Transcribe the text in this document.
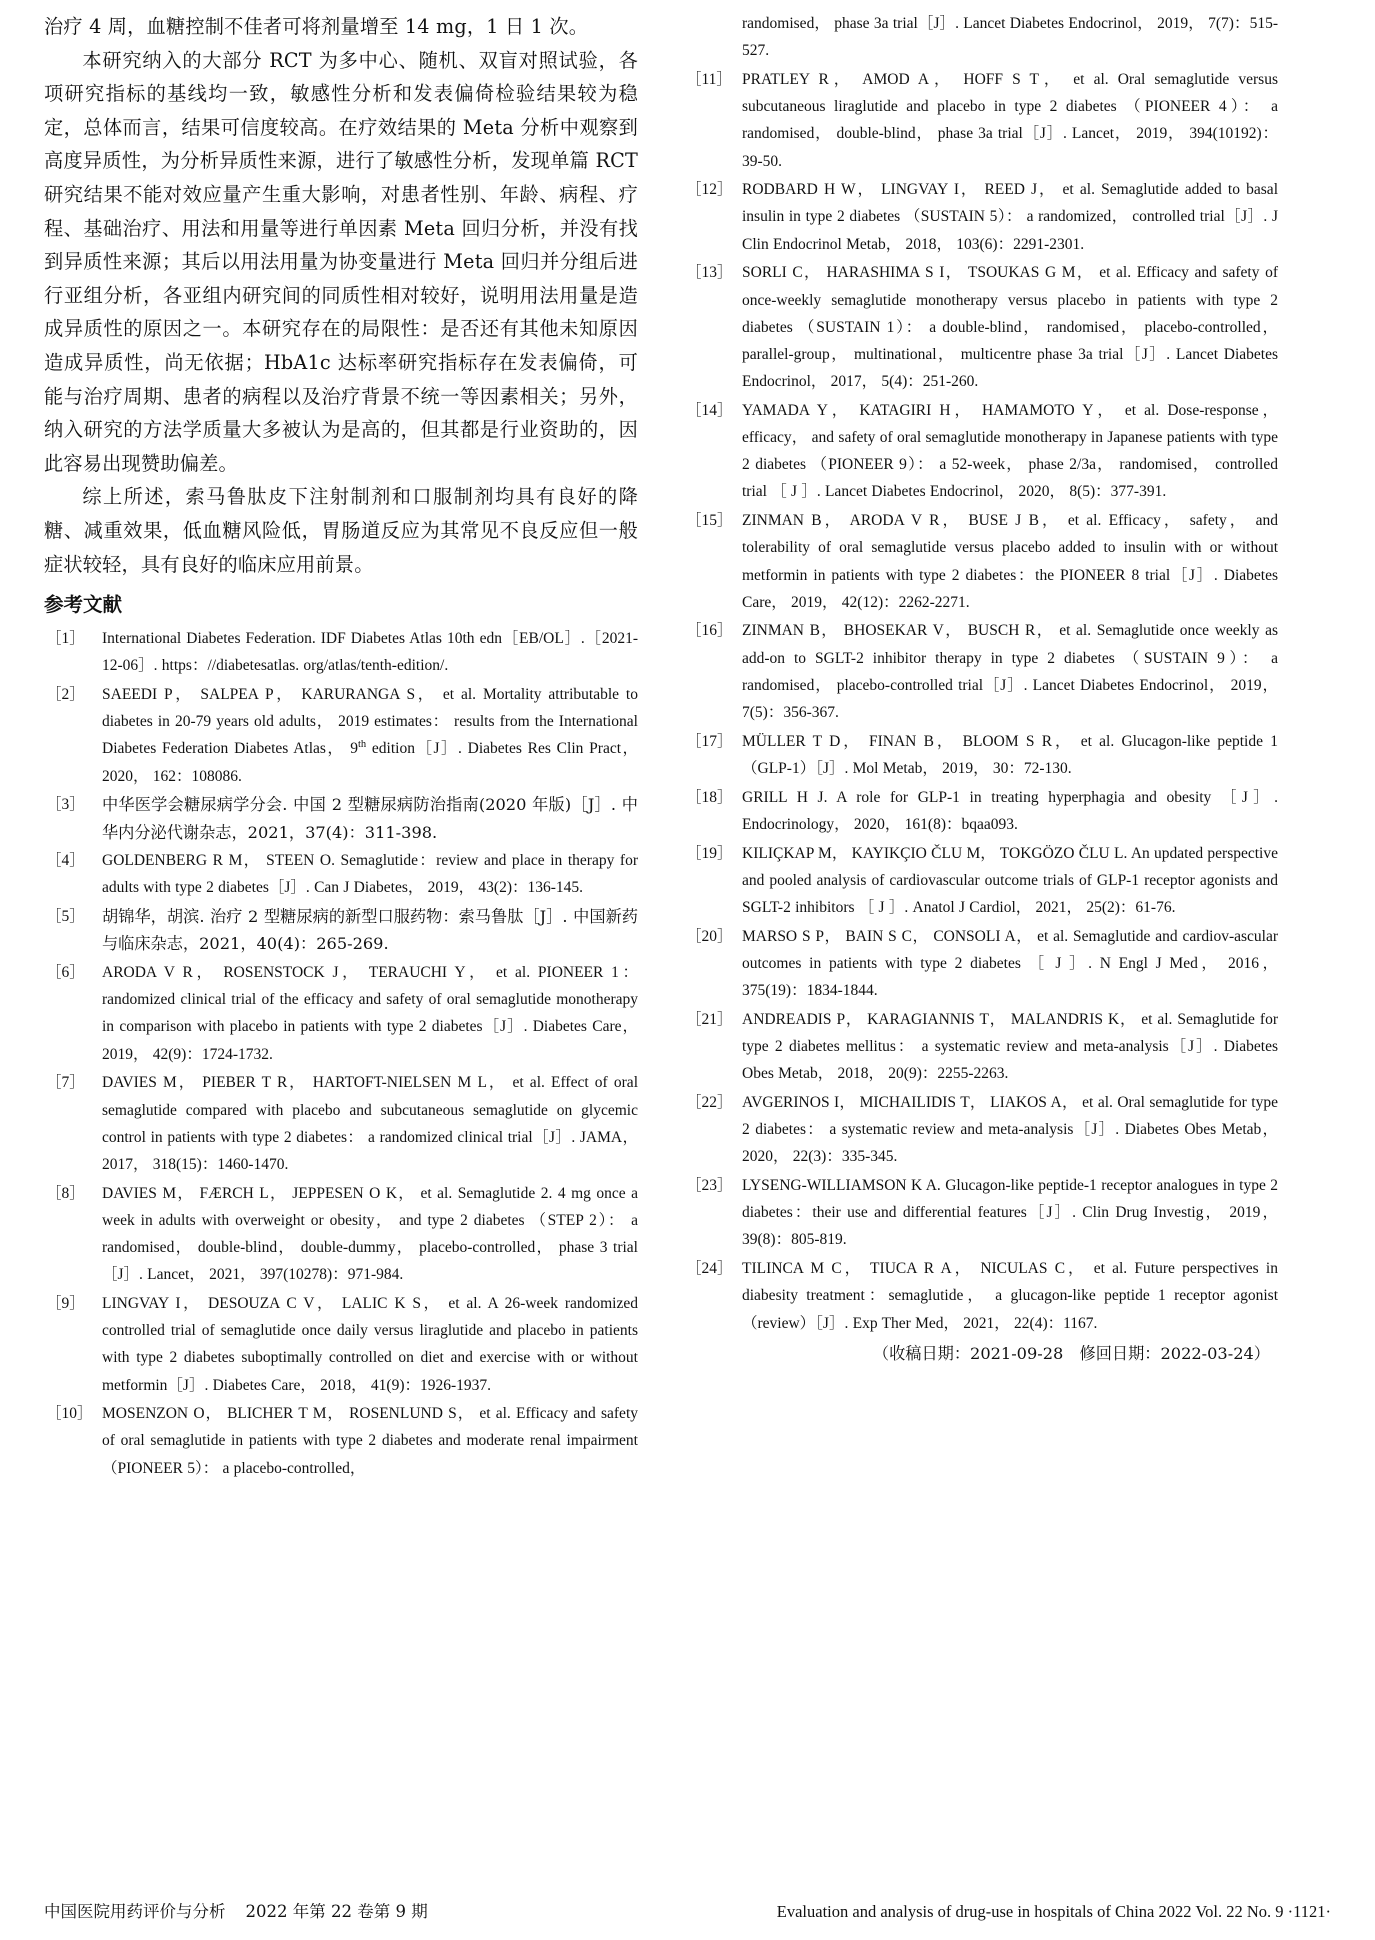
治疗 4 周，血糖控制不佳者可将剂量增至 14 mg，1 日 1 次。

本研究纳入的大部分 RCT 为多中心、随机、双盲对照试验，各项研究指标的基线均一致，敏感性分析和发表偏倚检验结果较为稳定，总体而言，结果可信度较高。在疗效结果的 Meta 分析中观察到高度异质性，为分析异质性来源，进行了敏感性分析，发现单篇 RCT 研究结果不能对效应量产生重大影响，对患者性别、年龄、病程、疗程、基础治疗、用法和用量等进行单因素 Meta 回归分析，并没有找到异质性来源；其后以用法用量为协变量进行 Meta 回归并分组后进行亚组分析，各亚组内研究间的同质性相对较好，说明用法用量是造成异质性的原因之一。本研究存在的局限性：是否还有其他未知原因造成异质性，尚无依据；HbA1c 达标率研究指标存在发表偏倚，可能与治疗周期、患者的病程以及治疗背景不统一等因素相关；另外，纳入研究的方法学质量大多被认为是高的，但其都是行业资助的，因此容易出现赞助偏差。

综上所述，索马鲁肽皮下注射制剂和口服制剂均具有良好的降糖、减重效果，低血糖风险低，胃肠道反应为其常见不良反应但一般症状较轻，具有良好的临床应用前景。

参考文献
［1］	International Diabetes Federation. IDF Diabetes Atlas 10th edn［EB/OL］.［2021-12-06］. https：//diabetesatlas. org/atlas/tenth-edition/.
［2］	SAEEDI P， SALPEA P， KARURANGA S， et al. Mortality attributable to diabetes in 20-79 years old adults， 2019 estimates： results from the International Diabetes Federation Diabetes Atlas， 9th edition［J］. Diabetes Res Clin Pract， 2020， 162：108086.
［3］	中华医学会糖尿病学分会. 中国 2 型糖尿病防治指南(2020 年版)［J］. 中华内分泌代谢杂志，2021，37(4)：311-398.
［4］	GOLDENBERG R M， STEEN O. Semaglutide：review and place in therapy for adults with type 2 diabetes［J］. Can J Diabetes， 2019， 43(2)：136-145.
［5］	胡锦华，胡滨. 治疗 2 型糖尿病的新型口服药物：索马鲁肽［J］. 中国新药与临床杂志，2021，40(4)：265-269.
［6］	ARODA V R， ROSENSTOCK J， TERAUCHI Y， et al. PIONEER 1：randomized clinical trial of the efficacy and safety of oral semaglutide monotherapy in comparison with placebo in patients with type 2 diabetes［J］. Diabetes Care， 2019， 42(9)：1724-1732.
［7］	DAVIES M， PIEBER T R， HARTOFT-NIELSEN M L， et al. Effect of oral semaglutide compared with placebo and subcutaneous semaglutide on glycemic control in patients with type 2 diabetes： a randomized clinical trial［J］. JAMA， 2017， 318(15)：1460-1470.
［8］	DAVIES M， FÆRCH L， JEPPESEN O K， et al. Semaglutide 2. 4 mg once a week in adults with overweight or obesity， and type 2 diabetes （STEP 2）： a randomised， double-blind， double-dummy， placebo-controlled， phase 3 trial［J］. Lancet， 2021， 397(10278)：971-984.
［9］	LINGVAY I， DESOUZA C V， LALIC K S， et al. A 26-week randomized controlled trial of semaglutide once daily versus liraglutide and placebo in patients with type 2 diabetes suboptimally controlled on diet and exercise with or without metformin［J］. Diabetes Care， 2018， 41(9)：1926-1937.
［10］ MOSENZON O， BLICHER T M， ROSENLUND S， et al. Efficacy and safety of oral semaglutide in patients with type 2 diabetes and moderate renal impairment （PIONEER 5）： a placebo-controlled，
randomised， phase 3a trial［J］. Lancet Diabetes Endocrinol， 2019， 7(7)：515-527.
［11］ PRATLEY R， AMOD A， HOFF S T， et al. Oral semaglutide versus subcutaneous liraglutide and placebo in type 2 diabetes （PIONEER 4）： a randomised， double-blind， phase 3a trial［J］. Lancet， 2019， 394(10192)：39-50.
［12］ RODBARD H W， LINGVAY I， REED J， et al. Semaglutide added to basal insulin in type 2 diabetes （SUSTAIN 5）： a randomized， controlled trial［J］. J Clin Endocrinol Metab， 2018， 103(6)：2291-2301.
［13］ SORLI C， HARASHIMA S I， TSOUKAS G M， et al. Efficacy and safety of once-weekly semaglutide monotherapy versus placebo in patients with type 2 diabetes （SUSTAIN 1）： a double-blind， randomised， placebo-controlled， parallel-group， multinational， multicentre phase 3a trial［J］. Lancet Diabetes Endocrinol， 2017， 5(4)：251-260.
［14］ YAMADA Y， KATAGIRI H， HAMAMOTO Y， et al. Dose-response， efficacy， and safety of oral semaglutide monotherapy in Japanese patients with type 2 diabetes （PIONEER 9）： a 52-week， phase 2/3a， randomised， controlled trial ［ J ］. Lancet Diabetes Endocrinol， 2020， 8(5)：377-391.
［15］ ZINMAN B， ARODA V R， BUSE J B， et al. Efficacy， safety， and tolerability of oral semaglutide versus placebo added to insulin with or without metformin in patients with type 2 diabetes：the PIONEER 8 trial［J］. Diabetes Care， 2019， 42(12)：2262-2271.
［16］ ZINMAN B， BHOSEKAR V， BUSCH R， et al. Semaglutide once weekly as add-on to SGLT-2 inhibitor therapy in type 2 diabetes （SUSTAIN 9）： a randomised， placebo-controlled trial［J］. Lancet Diabetes Endocrinol， 2019， 7(5)：356-367.
［17］ MÜLLER T D， FINAN B， BLOOM S R， et al. Glucagon-like peptide 1 （GLP-1）［J］. Mol Metab， 2019， 30：72-130.
［18］ GRILL H J. A role for GLP-1 in treating hyperphagia and obesity ［J］. Endocrinology， 2020， 161(8)：bqaa093.
［19］ KILIÇKAP M， KAYIKÇIO ČLU M， TOKGÖZO ČLU L. An updated perspective and pooled analysis of cardiovascular outcome trials of GLP-1 receptor agonists and SGLT-2 inhibitors ［ J ］. Anatol J Cardiol， 2021， 25(2)：61-76.
［20］ MARSO S P， BAIN S C， CONSOLI A， et al. Semaglutide and cardiov-ascular outcomes in patients with type 2 diabetes ［ J ］. N Engl J Med， 2016， 375(19)：1834-1844.
［21］ ANDREADIS P， KARAGIANNIS T， MALANDRIS K， et al. Semaglutide for type 2 diabetes mellitus： a systematic review and meta-analysis［J］. Diabetes Obes Metab， 2018， 20(9)：2255-2263.
［22］ AVGERINOS I， MICHAILIDIS T， LIAKOS A， et al. Oral semaglutide for type 2 diabetes： a systematic review and meta-analysis［J］. Diabetes Obes Metab， 2020， 22(3)：335-345.
［23］ LYSENG-WILLIAMSON K A. Glucagon-like peptide-1 receptor analogues in type 2 diabetes：their use and differential features［J］. Clin Drug Investig， 2019， 39(8)：805-819.
［24］ TILINCA M C， TIUCA R A， NICULAS C， et al. Future perspectives in diabesity treatment：semaglutide， a glucagon-like peptide 1 receptor agonist （review）［J］. Exp Ther Med， 2021， 22(4)：1167.
（收稿日期：2021-09-28　修回日期：2022-03-24）
中国医院用药评价与分析 2022 年第 22 卷第 9 期	Evaluation and analysis of drug-use in hospitals of China 2022 Vol. 22 No. 9 ·1121·
